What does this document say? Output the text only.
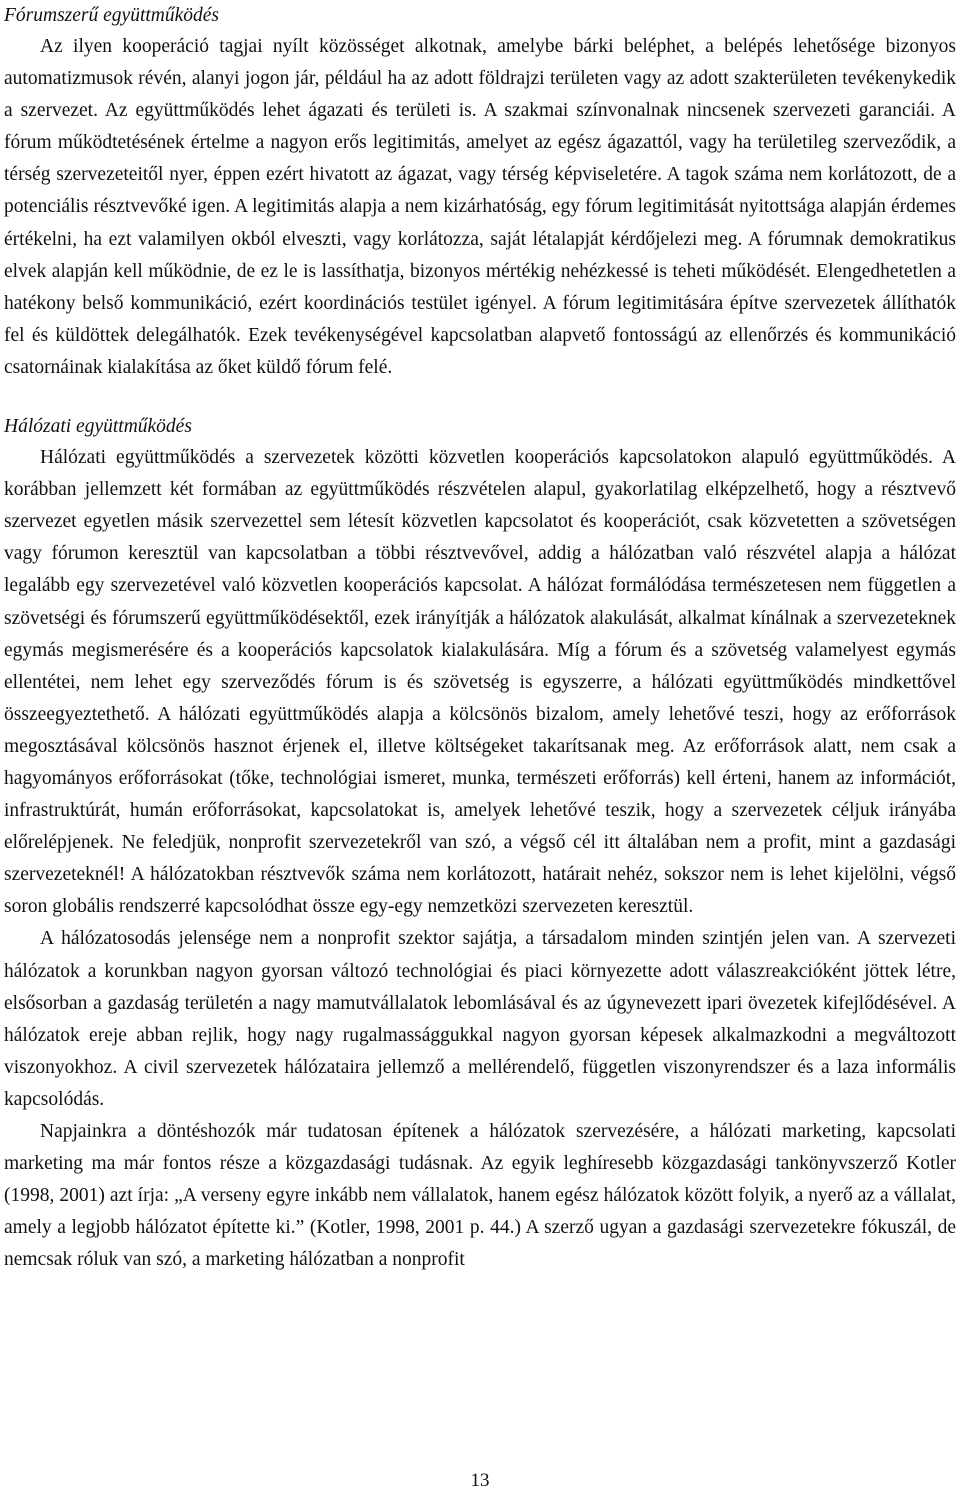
Fórumszerű együttműködés

Az ilyen kooperáció tagjai nyílt közösséget alkotnak, amelybe bárki beléphet, a belépés lehetősége bizonyos automatizmusok révén, alanyi jogon jár, például ha az adott földrajzi területen vagy az adott szakterületen tevékenykedik a szervezet. Az együttműködés lehet ágazati és területi is. A szakmai színvonalnak nincsenek szervezeti garanciái. A fórum működtetésének értelme a nagyon erős legitimitás, amelyet az egész ágazattól, vagy ha területileg szerveződik, a térség szervezeteitől nyer, éppen ezért hivatott az ágazat, vagy térség képviseletére. A tagok száma nem korlátozott, de a potenciális résztvevőké igen. A legitimitás alapja a nem kizárhatóság, egy fórum legitimitását nyitottsága alapján érdemes értékelni, ha ezt valamilyen okból elveszti, vagy korlátozza, saját létalapját kérdőjelezi meg. A fórumnak demokratikus elvek alapján kell működnie, de ez le is lassíthatja, bizonyos mértékig nehézkessé is teheti működését. Elengedhetetlen a hatékony belső kommunikáció, ezért koordinációs testület igényel. A fórum legitimitására építve szervezetek állíthatók fel és küldöttek delegálhatók. Ezek tevékenységével kapcsolatban alapvető fontosságú az ellenőrzés és kommunikáció csatornáinak kialakítása az őket küldő fórum felé.

Hálózati együttműködés

Hálózati együttműködés a szervezetek közötti közvetlen kooperációs kapcsolatokon alapuló együttműködés. A korábban jellemzett két formában az együttműködés részvételen alapul, gyakorlatilag elképzelhető, hogy a résztvevő szervezet egyetlen másik szervezettel sem létesít közvetlen kapcsolatot és kooperációt, csak közvetetten a szövetségen vagy fórumon keresztül van kapcsolatban a többi résztvevővel, addig a hálózatban való részvétel alapja a hálózat legalább egy szervezetével való közvetlen kooperációs kapcsolat. A hálózat formálódása természetesen nem független a szövetségi és fórumszerű együttműködésektől, ezek irányítják a hálózatok alakulását, alkalmat kínálnak a szervezeteknek egymás megismerésére és a kooperációs kapcsolatok kialakulására. Míg a fórum és a szövetség valamelyest egymás ellentétei, nem lehet egy szerveződés fórum is és szövetség is egyszerre, a hálózati együttműködés mindkettővel összeegyeztethető. A hálózati együttműködés alapja a kölcsönös bizalom, amely lehetővé teszi, hogy az erőforrások megosztásával kölcsönös hasznot érjenek el, illetve költségeket takarítsanak meg. Az erőforrások alatt, nem csak a hagyományos erőforrásokat (tőke, technológiai ismeret, munka, természeti erőforrás) kell érteni, hanem az információt, infrastruktúrát, humán erőforrásokat, kapcsolatokat is, amelyek lehetővé teszik, hogy a szervezetek céljuk irányába előrelépjenek. Ne feledjük, nonprofit szervezetekről van szó, a végső cél itt általában nem a profit, mint a gazdasági szervezeteknél! A hálózatokban résztvevők száma nem korlátozott, határait nehéz, sokszor nem is lehet kijelölni, végső soron globális rendszerré kapcsolódhat össze egy-egy nemzetközi szervezeten keresztül.

A hálózatosodás jelensége nem a nonprofit szektor sajátja, a társadalom minden szintjén jelen van. A szervezeti hálózatok a korunkban nagyon gyorsan változó technológiai és piaci környezette adott válaszreakcióként jöttek létre, elsősorban a gazdaság területén a nagy mamutvállalatok lebomlásával és az úgynevezett ipari övezetek kifejlődésével. A hálózatok ereje abban rejlik, hogy nagy rugalmassággukkal nagyon gyorsan képesek alkalmazkodni a megváltozott viszonyokhoz. A civil szervezetek hálózataira jellemző a mellérendelő, független viszonyrendszer és a laza informális kapcsolódás.

Napjainkra a döntéshozók már tudatosan építenek a hálózatok szervezésére, a hálózati marketing, kapcsolati marketing ma már fontos része a közgazdasági tudásnak. Az egyik leghíresebb közgazdasági tankönyvszerző Kotler (1998, 2001) azt írja: „A verseny egyre inkább nem vállalatok, hanem egész hálózatok között folyik, a nyerő az a vállalat, amely a legjobb hálózatot építette ki.” (Kotler, 1998, 2001 p. 44.) A szerző ugyan a gazdasági szervezetekre fókuszál, de nemcsak róluk van szó, a marketing hálózatban a nonprofit

13
